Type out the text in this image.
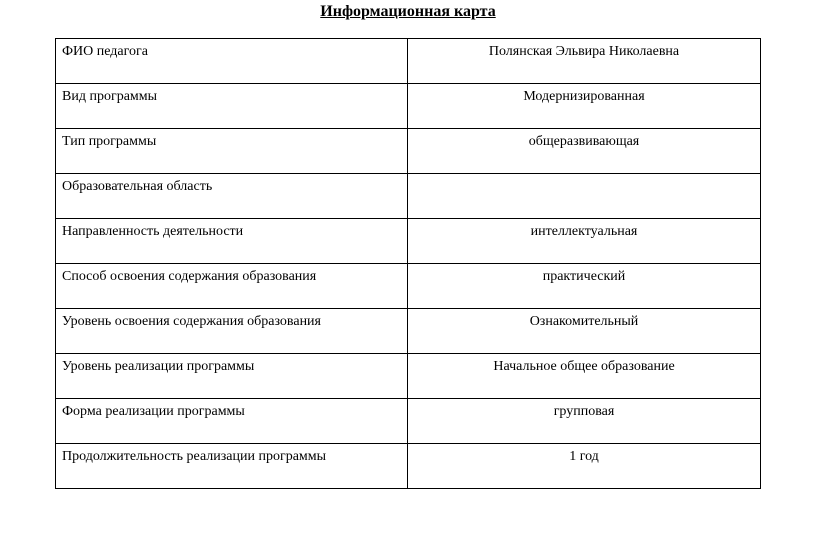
Информационная карта
ФИО педагога	Полянская Эльвира Николаевна
Вид программы	Модернизированная
Тип программы	общеразвивающая
Образовательная область	
Направленность деятельности	интеллектуальная
Способ освоения содержания образования	практический
Уровень освоения содержания образования	Ознакомительный
Уровень реализации программы	Начальное общее образование
Форма реализации программы	групповая
Продолжительность реализации программы	1 год
